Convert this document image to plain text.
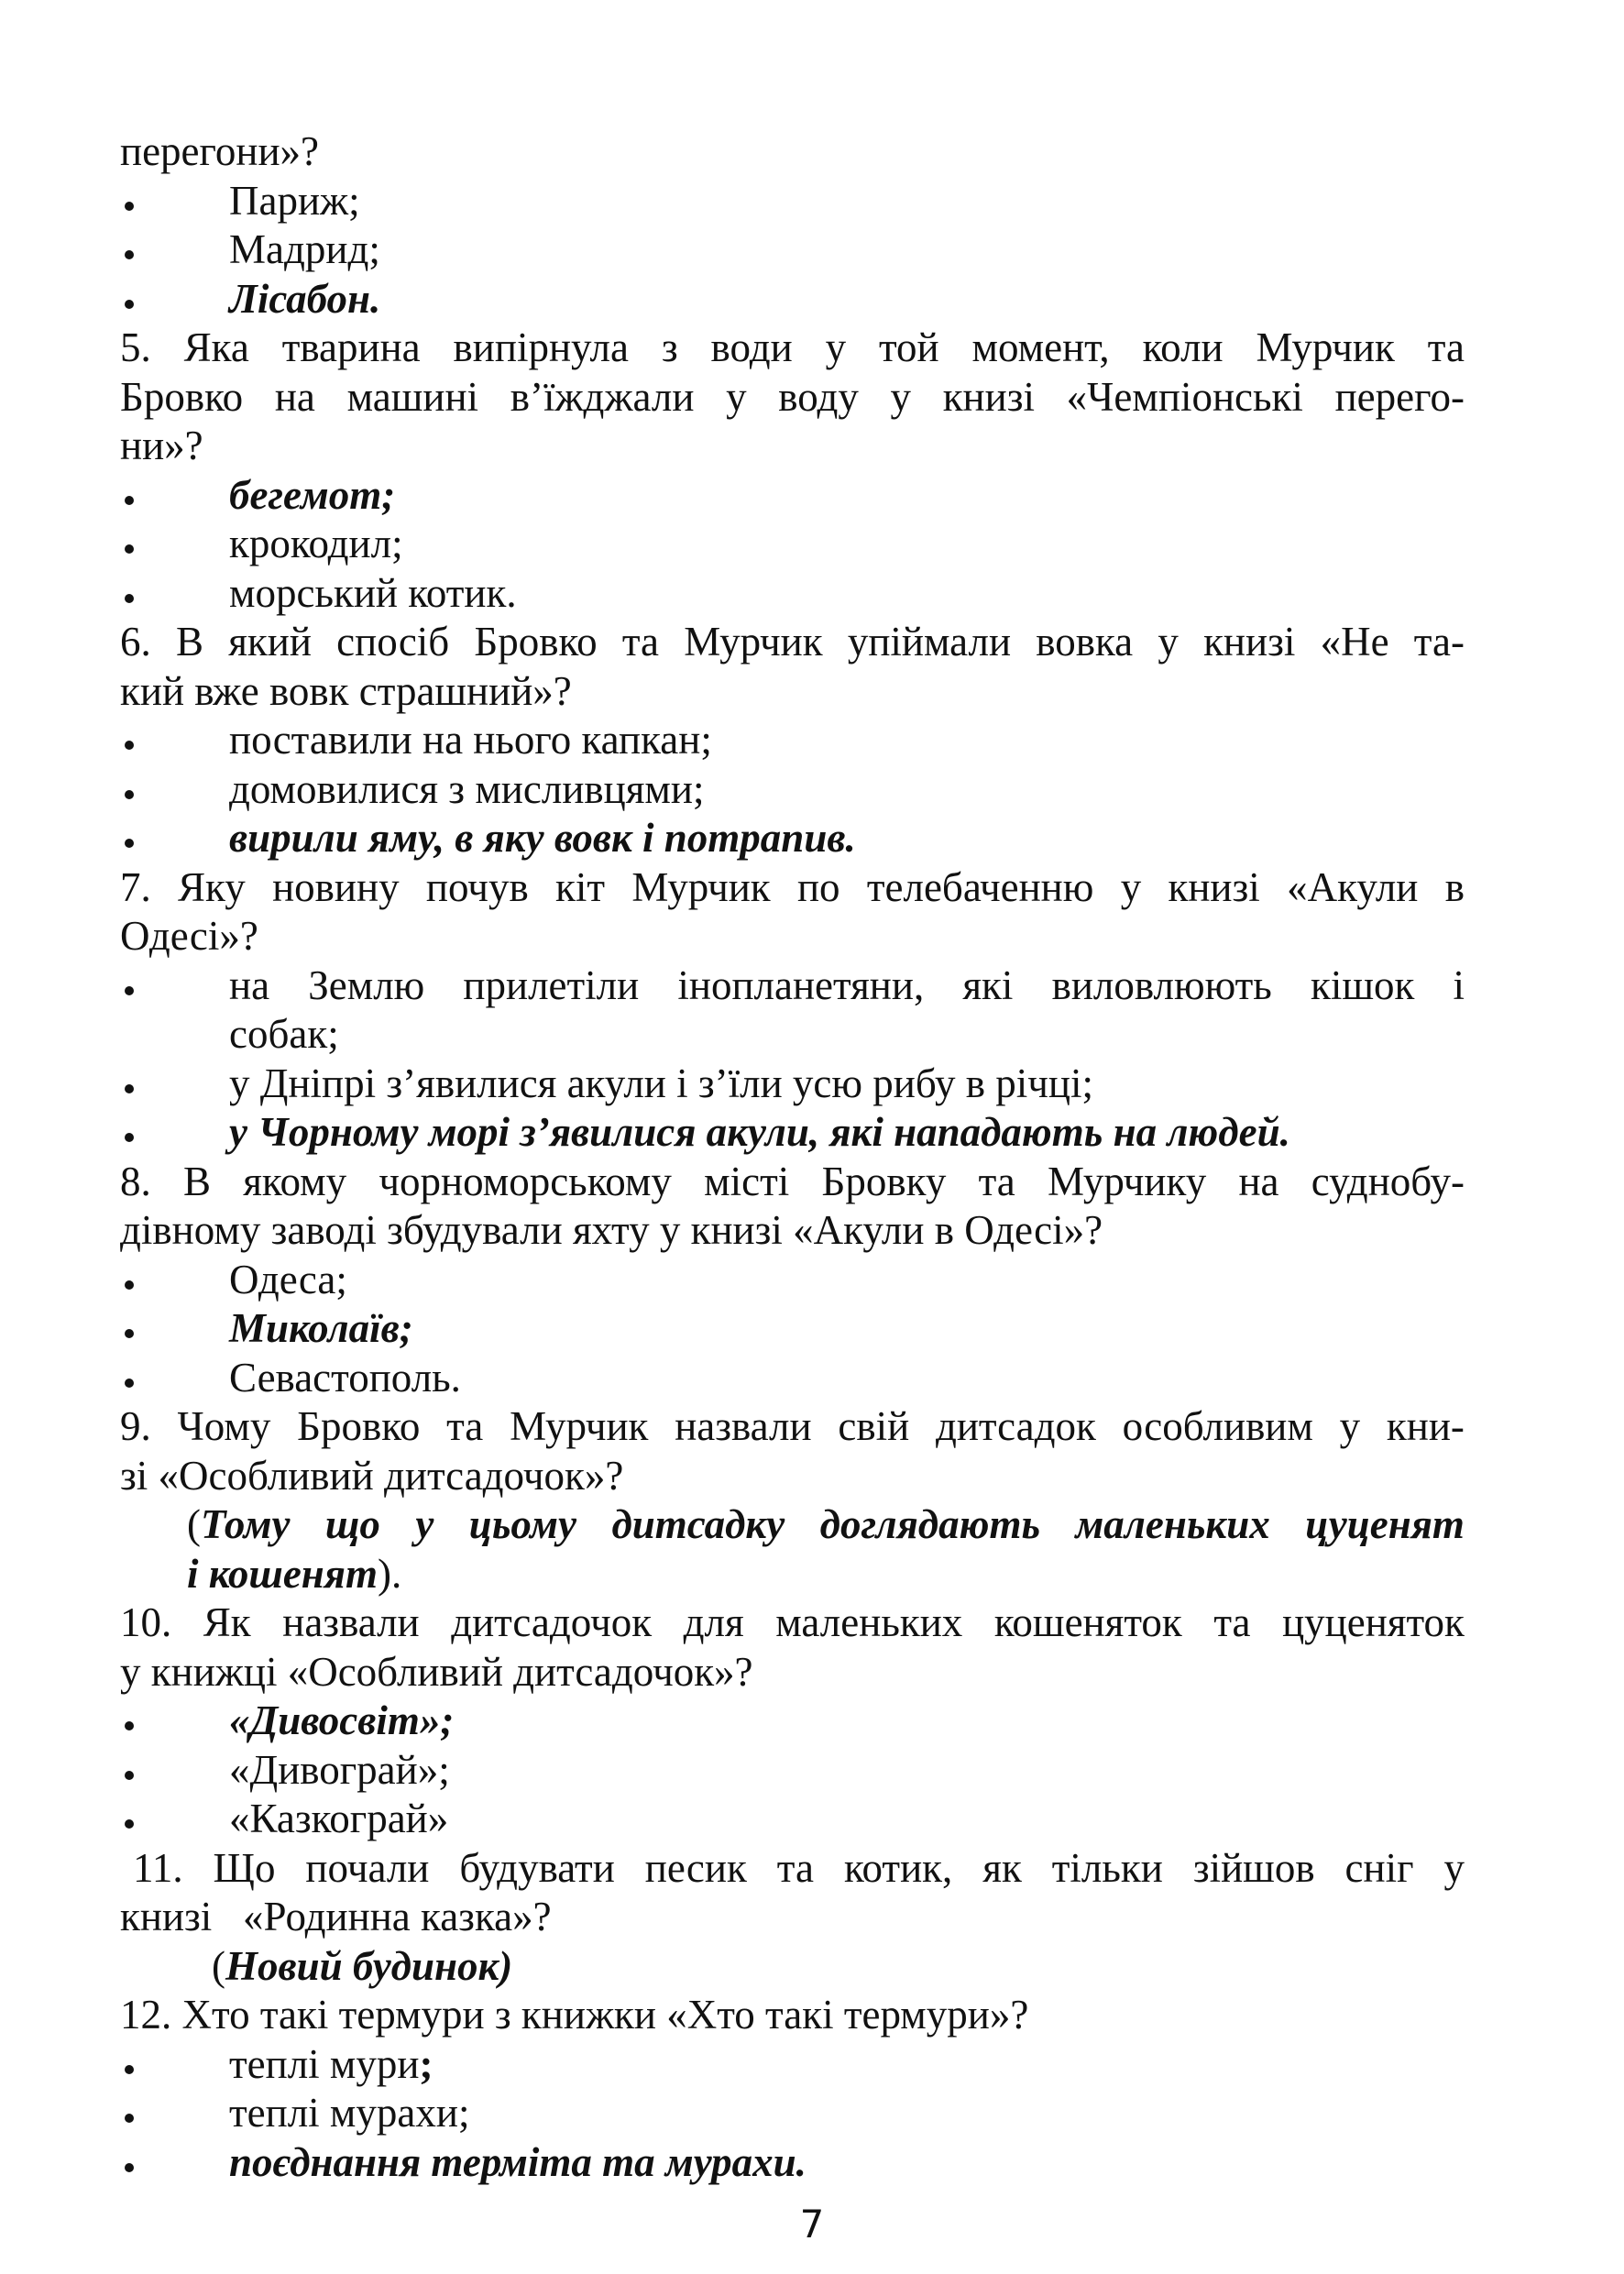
перегони»?
Париж;
Мадрид;
Лісабон.
5. Яка тварина випірнула з води у той момент, коли Мурчик та
Бровко на машині в’їжджали у воду у книзі «Чемпіонські перего-
ни»?
бегемот;
крокодил;
морський котик.
6. В який спосіб Бровко та Мурчик упіймали вовка у книзі «Не та-
кий вже вовк страшний»?
поставили на нього капкан;
домовилися з мисливцями;
вирили яму, в яку вовк і потрапив.
7. Яку новину почув кіт Мурчик по телебаченню у книзі «Акули в
Одесі»?
на Землю прилетіли інопланетяни, які виловлюють кішок і
собак;
у Дніпрі з’явилися акули і з’їли усю рибу в річці;
у Чорному морі з’явилися акули, які нападають на людей.
8. В якому чорноморському місті Бровку та Мурчику на суднобу-
дівному заводі збудували яхту у книзі «Акули в Одесі»?
Одеса;
Миколаїв;
Севастополь.
9. Чому Бровко та Мурчик назвали свій дитсадок особливим у кни-
зі «Особливий дитсадочок»?
(Тому що у цьому дитсадку доглядають маленьких цуценят
і кошенят).
10. Як назвали дитсадочок для маленьких кошеняток та цуценяток
у книжці «Особливий дитсадочок»?
«Дивосвіт»;
«Дивограй»;
«Казкограй»
11. Що почали будувати песик та котик, як тільки зійшов сніг у
книзі   «Родинна казка»?
(Новий будинок)
12. Хто такі термури з книжки «Хто такі термури»?
теплі мури;
теплі мурахи;
поєднання терміта та мурахи.
7
